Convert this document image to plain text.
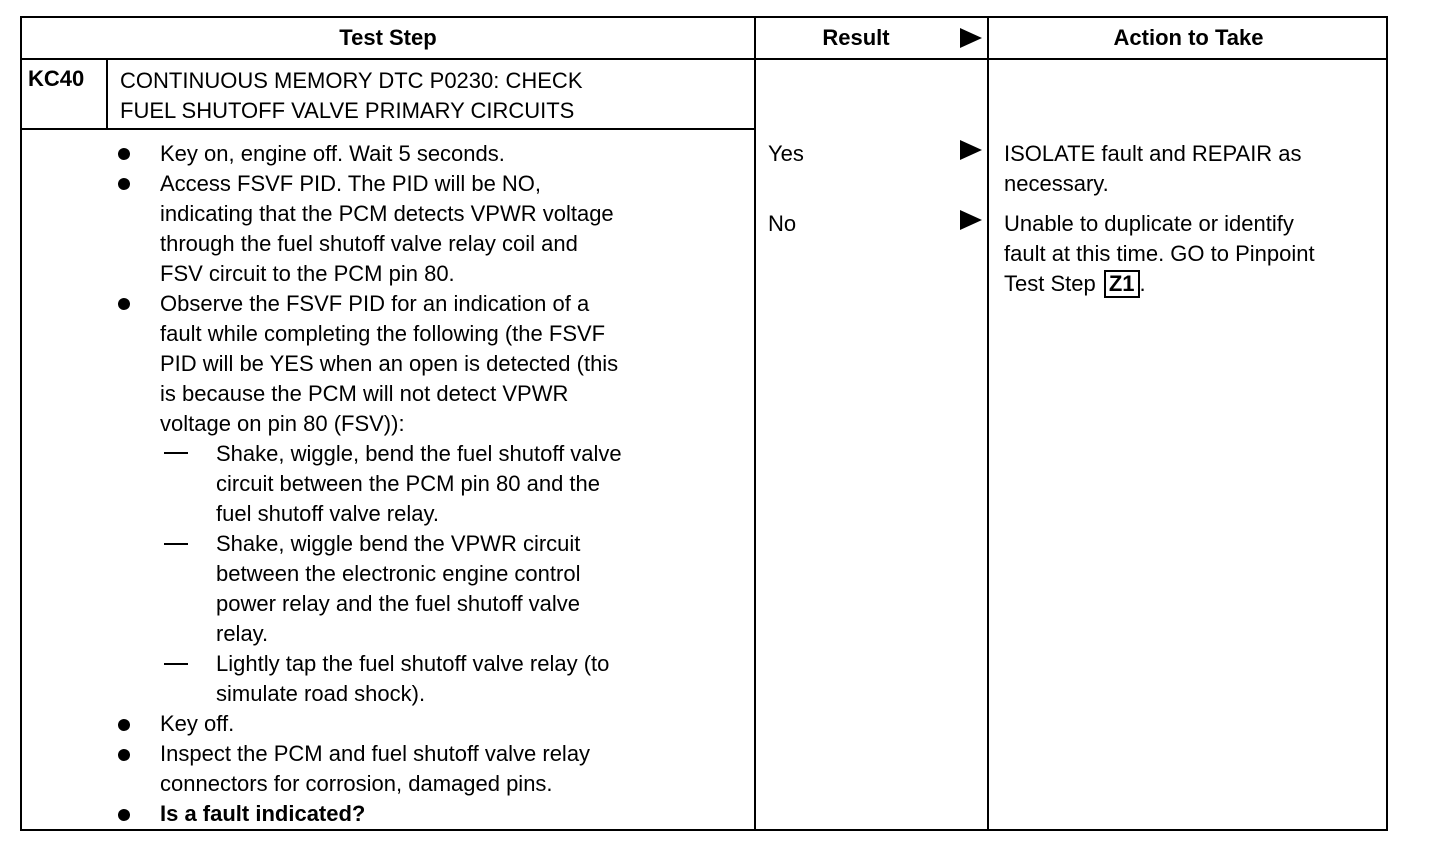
Test Step	Result	Action to Take
KC40 CONTINUOUS MEMORY DTC P0230: CHECK
FUEL SHUTOFF VALVE PRIMARY CIRCUITS
Key on, engine off. Wait 5 seconds.
Access FSVF PID. The PID will be NO,
indicating that the PCM detects VPWR voltage
through the fuel shutoff valve relay coil and
FSV circuit to the PCM pin 80.
Observe the FSVF PID for an indication of a
fault while completing the following (the FSVF
PID will be YES when an open is detected (this
is because the PCM will not detect VPWR
voltage on pin 80 (FSV)):
Shake, wiggle, bend the fuel shutoff valve
circuit between the PCM pin 80 and the
fuel shutoff valve relay.
Shake, wiggle bend the VPWR circuit
between the electronic engine control
power relay and the fuel shutoff valve
relay.
Lightly tap the fuel shutoff valve relay (to
simulate road shock).
Key off.
Inspect the PCM and fuel shutoff valve relay
connectors for corrosion, damaged pins.
Is a fault indicated?
Yes
No
ISOLATE fault and REPAIR as
necessary.
Unable to duplicate or identify
fault at this time. GO to Pinpoint
Test Step Z1 .
